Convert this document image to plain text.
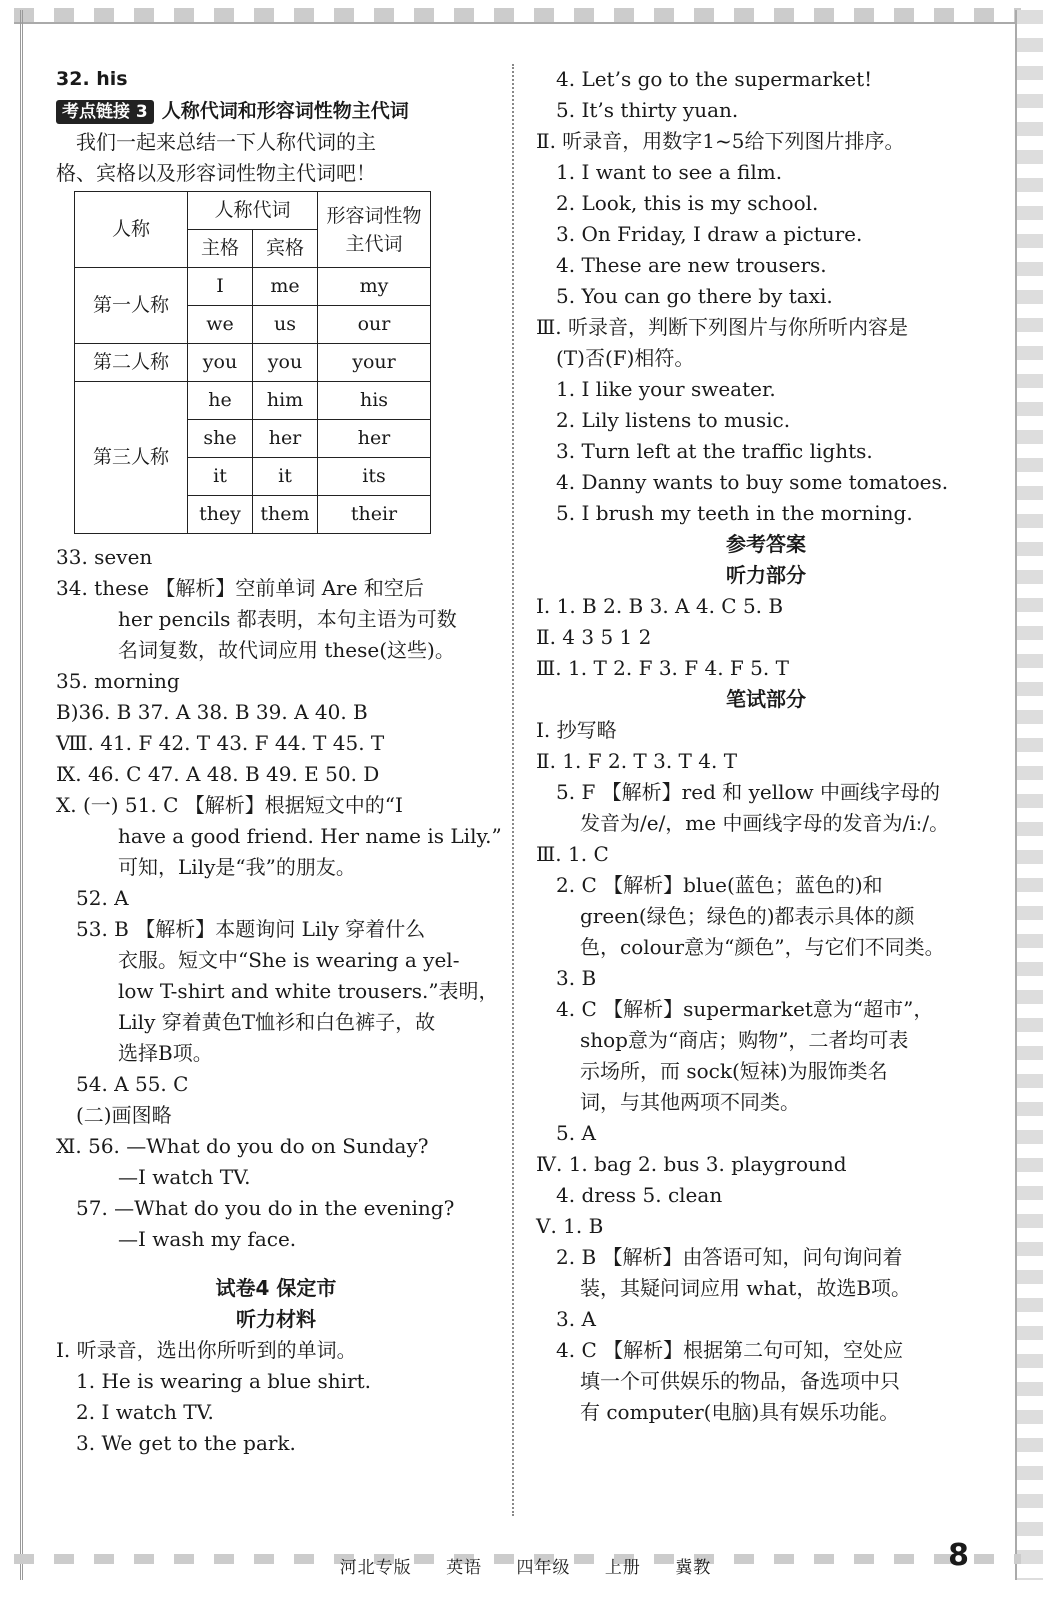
32. his
考点链接 3 人称代词和形容词性物主代词
我们一起来总结一下人称代词的主
格、宾格以及形容词性物主代词吧！
人称	人称代词		形容词性物主代词
	主格	宾格	
第一人称	I	me	my
	we	us	our
第二人称	you	you	your
第三人称	he	him	his
	she	her	her
	it	it	its
	they	them	their
33. seven
34. these 【解析】空前单词 Are 和空后
her pencils 都表明，本句主语为可数
名词复数，故代词应用 these(这些)。
35. morning
B)36. B 37. A 38. B 39. A 40. B
Ⅷ. 41. F 42. T 43. F 44. T 45. T
Ⅸ. 46. C 47. A 48. B 49. E 50. D
Ⅹ. (一) 51. C 【解析】根据短文中的“I
have a good friend. Her name is Lily.”
可知，Lily是“我”的朋友。
52. A
53. B 【解析】本题询问 Lily 穿着什么
衣服。短文中“She is wearing a yel-
low T-shirt and white trousers.”表明，
Lily 穿着黄色T恤衫和白色裤子，故
选择B项。
54. A 55. C
(二)画图略
Ⅺ. 56. —What do you do on Sunday?
—I watch TV.
57. —What do you do in the evening?
—I wash my face.
试卷4 保定市
听力材料
Ⅰ. 听录音，选出你所听到的单词。
1. He is wearing a blue shirt.
2. I watch TV.
3. We get to the park.
4. Let’s go to the supermarket!
5. It’s thirty yuan.
Ⅱ. 听录音，用数字1~5给下列图片排序。
1. I want to see a film.
2. Look, this is my school.
3. On Friday, I draw a picture.
4. These are new trousers.
5. You can go there by taxi.
Ⅲ. 听录音，判断下列图片与你所听内容是
(T)否(F)相符。
1. I like your sweater.
2. Lily listens to music.
3. Turn left at the traffic lights.
4. Danny wants to buy some tomatoes.
5. I brush my teeth in the morning.
参考答案
听力部分
Ⅰ. 1. B 2. B 3. A 4. C 5. B
Ⅱ. 4 3 5 1 2
Ⅲ. 1. T 2. F 3. F 4. F 5. T
笔试部分
Ⅰ. 抄写略
Ⅱ. 1. F 2. T 3. T 4. T
5. F 【解析】red 和 yellow 中画线字母的
发音为/e/，me 中画线字母的发音为/iː/。
Ⅲ. 1. C
2. C 【解析】blue(蓝色；蓝色的)和
green(绿色；绿色的)都表示具体的颜
色，colour意为“颜色”，与它们不同类。
3. B
4. C 【解析】supermarket意为“超市”，
shop意为“商店；购物”，二者均可表
示场所，而 sock(短袜)为服饰类名
词，与其他两项不同类。
5. A
Ⅳ. 1. bag 2. bus 3. playground
4. dress 5. clean
Ⅴ. 1. B
2. B 【解析】由答语可知，问句询问着
装，其疑问词应用 what，故选B项。
3. A
4. C 【解析】根据第二句可知，空处应
填一个可供娱乐的物品，备选项中只
有 computer(电脑)具有娱乐功能。
河北专版 英语 四年级 上册 冀教	8
